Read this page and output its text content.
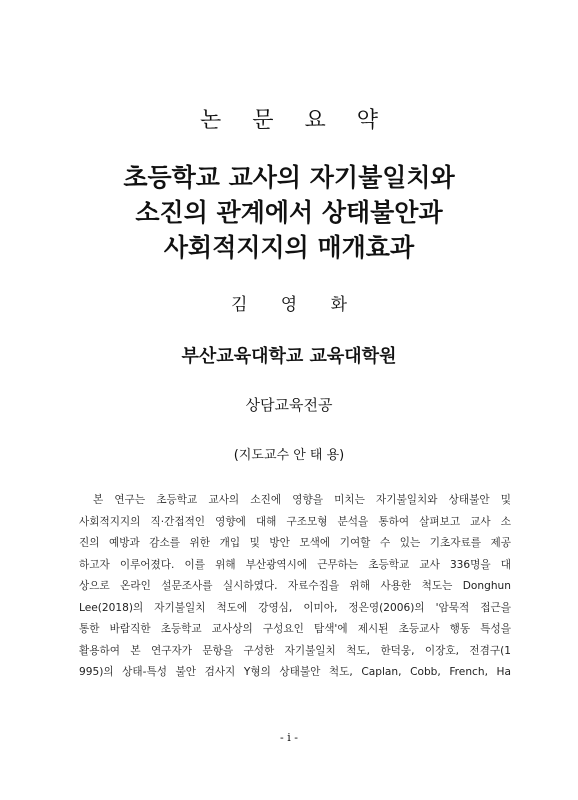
논 문 요 약
초등학교 교사의 자기불일치와
소진의 관계에서 상태불안과
사회적지지의 매개효과
김 영 화
부산교육대학교 교육대학원
상담교육전공
(지도교수 안 태 용)
본 연구는 초등학교 교사의 소진에 영향을 미치는 자기불일치와 상태불안 및
사회적지지의 직·간접적인 영향에 대해 구조모형 분석을 통하여 살펴보고 교사 소
진의 예방과 감소를 위한 개입 및 방안 모색에 기여할 수 있는 기초자료를 제공
하고자 이루어졌다. 이를 위해 부산광역시에 근무하는 초등학교 교사 336명을 대
상으로 온라인 설문조사를 실시하였다. 자료수집을 위해 사용한 척도는 Donghun
Lee(2018)의 자기불일치 척도에 강영심, 이미아, 정은영(2006)의 '암묵적 접근을
통한 바람직한 초등학교 교사상의 구성요인 탐색'에 제시된 초등교사 행동 특성을
활용하여 본 연구자가 문항을 구성한 자기불일치 척도, 한덕웅, 이장호, 전겸구(1
995)의 상태-특성 불안 검사지 Y형의 상태불안 척도, Caplan, Cobb, French, Ha
- i -
